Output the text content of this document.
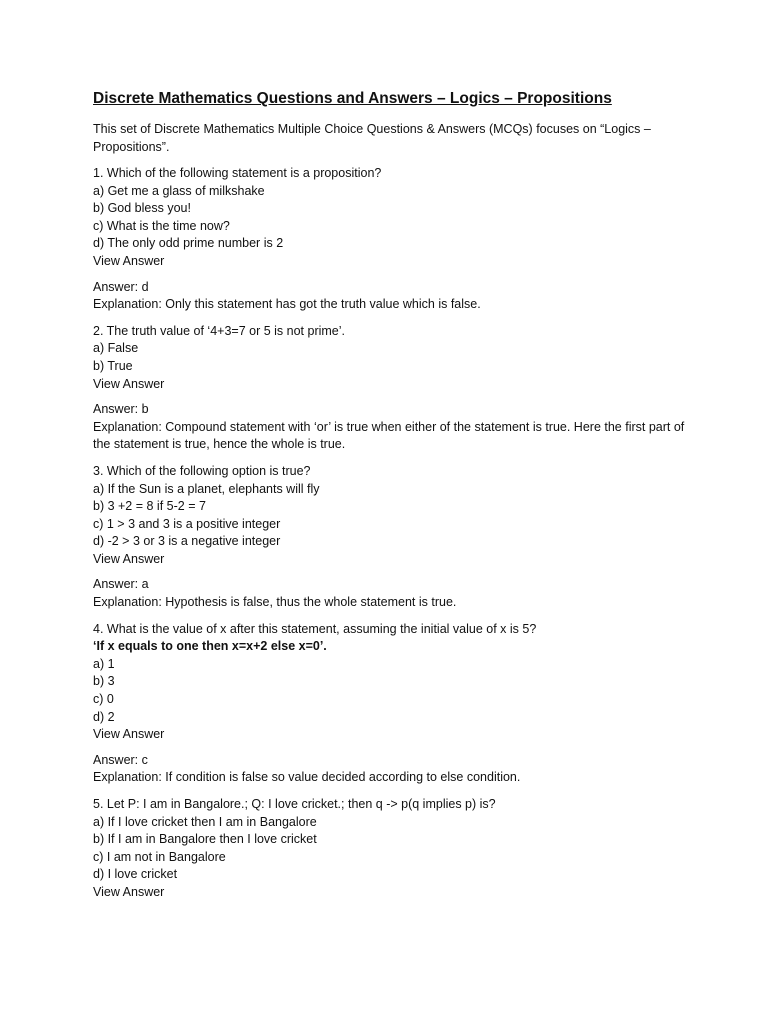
Discrete Mathematics Questions and Answers – Logics – Propositions
This set of Discrete Mathematics Multiple Choice Questions & Answers (MCQs) focuses on “Logics – Propositions”.
1. Which of the following statement is a proposition?
a) Get me a glass of milkshake
b) God bless you!
c) What is the time now?
d) The only odd prime number is 2
View Answer
Answer: d
Explanation: Only this statement has got the truth value which is false.
2. The truth value of ‘4+3=7 or 5 is not prime’.
a) False
b) True
View Answer
Answer: b
Explanation: Compound statement with ‘or’ is true when either of the statement is true. Here the first part of the statement is true, hence the whole is true.
3. Which of the following option is true?
a) If the Sun is a planet, elephants will fly
b) 3 +2 = 8 if 5-2 = 7
c) 1 > 3 and 3 is a positive integer
d) -2 > 3 or 3 is a negative integer
View Answer
Answer: a
Explanation: Hypothesis is false, thus the whole statement is true.
4. What is the value of x after this statement, assuming the initial value of x is 5?
‘If x equals to one then x=x+2 else x=0’.
a) 1
b) 3
c) 0
d) 2
View Answer
Answer: c
Explanation: If condition is false so value decided according to else condition.
5. Let P: I am in Bangalore.; Q: I love cricket.; then q -> p(q implies p) is?
a) If I love cricket then I am in Bangalore
b) If I am in Bangalore then I love cricket
c) I am not in Bangalore
d) I love cricket
View Answer
